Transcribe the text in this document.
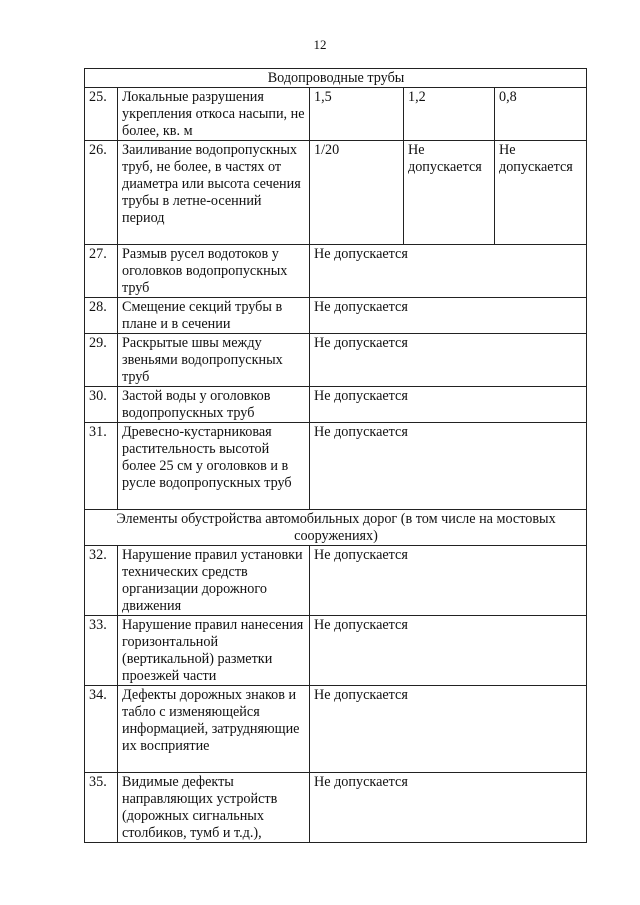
12
Водопроводные трубы				
25.	Локальные разрушения укрепления откоса насыпи, не более, кв. м	1,5	1,2	0,8
26.	Заиливание водопропускных труб, не более, в частях от диаметра или высота сечения трубы в летне-осенний период	1/20	Не допускается	Не допускается
27.	Размыв русел водотоков у оголовков водопропускных труб	Не допускается		
28.	Смещение секций трубы в плане и в сечении	Не допускается		
29.	Раскрытые швы между звеньями водопропускных труб	Не допускается		
30.	Застой воды у оголовков водопропускных труб	Не допускается		
31.	Древесно-кустарниковая растительность высотой более 25 см у оголовков и в русле водопропускных труб	Не допускается		
Элементы обустройства автомобильных дорог (в том числе на мостовых сооружениях)				
32.	Нарушение правил установки технических средств организации дорожного движения	Не допускается		
33.	Нарушение правил нанесения горизонтальной (вертикальной) разметки проезжей части	Не допускается		
34.	Дефекты дорожных знаков и табло с изменяющейся информацией, затрудняющие их восприятие	Не допускается		
35.	Видимые дефекты направляющих устройств (дорожных сигнальных столбиков, тумб и т.д.),	Не допускается		
